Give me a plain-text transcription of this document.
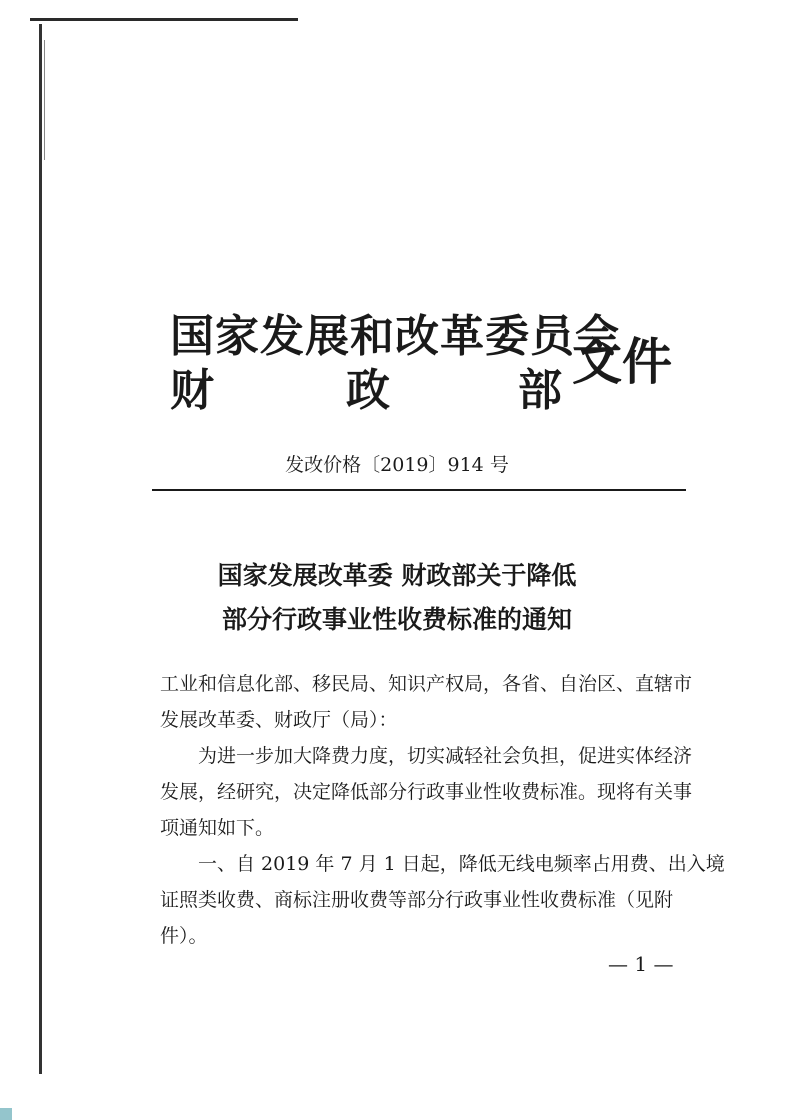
国家发展和改革委员会
财	政	部 文件
发改价格〔2019〕914 号
国家发展改革委 财政部关于降低
部分行政事业性收费标准的通知
工业和信息化部、移民局、知识产权局，各省、自治区、直辖市
发展改革委、财政厅（局）：
为进一步加大降费力度，切实减轻社会负担，促进实体经济
发展，经研究，决定降低部分行政事业性收费标准。现将有关事
项通知如下。
一、自 2019 年 7 月 1 日起，降低无线电频率占用费、出入境
证照类收费、商标注册收费等部分行政事业性收费标准（见附
件）。
— 1 —
